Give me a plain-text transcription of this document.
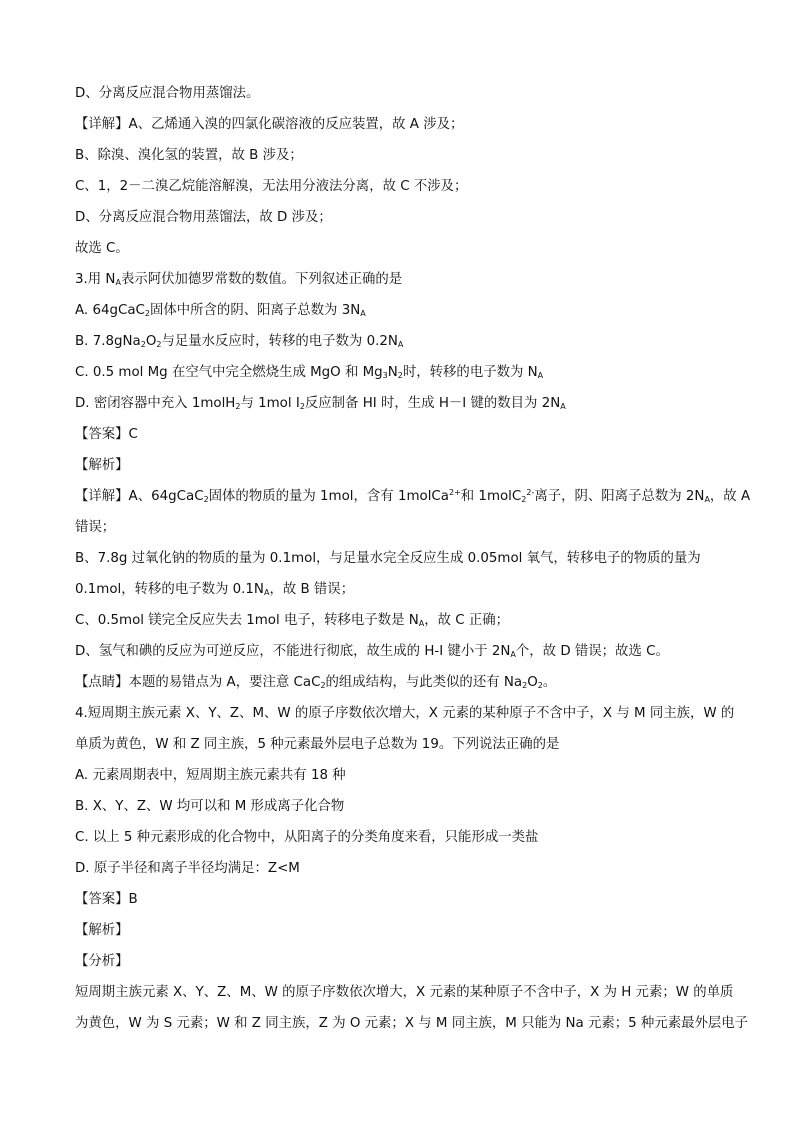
D、分离反应混合物用蒸馏法。
【详解】A、乙烯通入溴的四氯化碳溶液的反应装置，故 A 涉及；
B、除溴、溴化氢的装置，故 B 涉及；
C、1，2－二溴乙烷能溶解溴，无法用分液法分离，故 C 不涉及；
D、分离反应混合物用蒸馏法，故 D 涉及；
故选 C。
3.用 $N_A$表示阿伏加德罗常数的数值。下列叙述正确的是
A. 64gCaC$_2$固体中所含的阴、阳离子总数为 $3N_A$
B. $7.8gNa_2O_2$与足量水反应时，转移的电子数为 $0.2N_A$
C. 0.5 mol Mg 在空气中完全燃烧生成 MgO 和 $Mg_3N_2$时，转移的电子数为 $N_A$
D. 密闭容器中充入 1molH$_2$与 1mol $I_2$反应制备 HI 时，生成 H－I 键的数目为 $2N_A$
【答案】C
【解析】
【详解】A、64gCaC$_2$固体的物质的量为 1mol，含有 1molCa$^{2+}$和 1molC$_2^{2-}$离子，阴、阳离子总数为 $2N_A$，故 A
错误；
B、7.8g 过氧化钠的物质的量为 0.1mol，与足量水完全反应生成 0.05mol 氧气，转移电子的物质的量为
0.1mol，转移的电子数为 $0.1N_A$，故 B 错误；
C、0.5mol 镁完全反应失去 1mol 电子，转移电子数是 $N_A$，故 C 正确；
D、氢气和碘的反应为可逆反应，不能进行彻底，故生成的 H-I 键小于 $2N_A$个，故 D 错误；故选 C。
【点睛】本题的易错点为 A，要注意 CaC$_2$的组成结构，与此类似的还有 $Na_2O_2$。
4.短周期主族元素 X、Y、Z、M、W 的原子序数依次增大，X 元素的某种原子不含中子，X 与 M 同主族，W 的
单质为黄色，W 和 Z 同主族，5 种元素最外层电子总数为 19。下列说法正确的是
A. 元素周期表中，短周期主族元素共有 18 种
B. X、Y、Z、W 均可以和 M 形成离子化合物
C. 以上 5 种元素形成的化合物中，从阳离子的分类角度来看，只能形成一类盐
D. 原子半径和离子半径均满足：Z<M
【答案】B
【解析】
【分析】
短周期主族元素 X、Y、Z、M、W 的原子序数依次增大，X 元素的某种原子不含中子，X 为 H 元素；W 的单质
为黄色，W 为 S 元素；W 和 Z 同主族，Z 为 O 元素；X 与 M 同主族，M 只能为 Na 元素；5 种元素最外层电子
